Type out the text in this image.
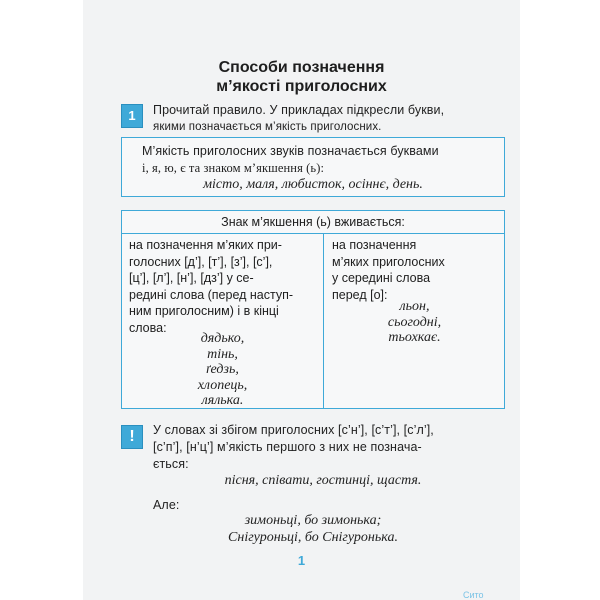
Способи позначення
м’якості приголосних
1	Прочитай правило. У прикладах підкресли букви,
якими позначається м’якість приголосних.
М’якість приголосних звуків позначається буквами
і, я, ю, є та знаком м’якшення (ь):
місто, маля, любисток, осіннє, день.
Знак м’якшення (ь) вживається:
на позначення м’яких при-
голосних [д’], [т’], [з’], [с’],
[ц’], [л’], [н’], [дз’] у се-
редині слова (перед наступ-
ним приголосним) і в кінці
слова:
дядько,
тінь,
ґедзь,
хлопець,
лялька.
на позначення
м’яких приголосних
у середині слова
перед [о]:
льон,
сьогодні,
тьохкає.
!	У словах зі збігом приголосних [с’н’], [с’т’], [с’л’],
[с’п’], [н’ц’] м’якість першого з них не познача-
ється:
пісня, співати, гостинці, щастя.
Але:
зимоньці, бо зимонька;
Снігуроньці, бо Снігуронька.
1
Сито
